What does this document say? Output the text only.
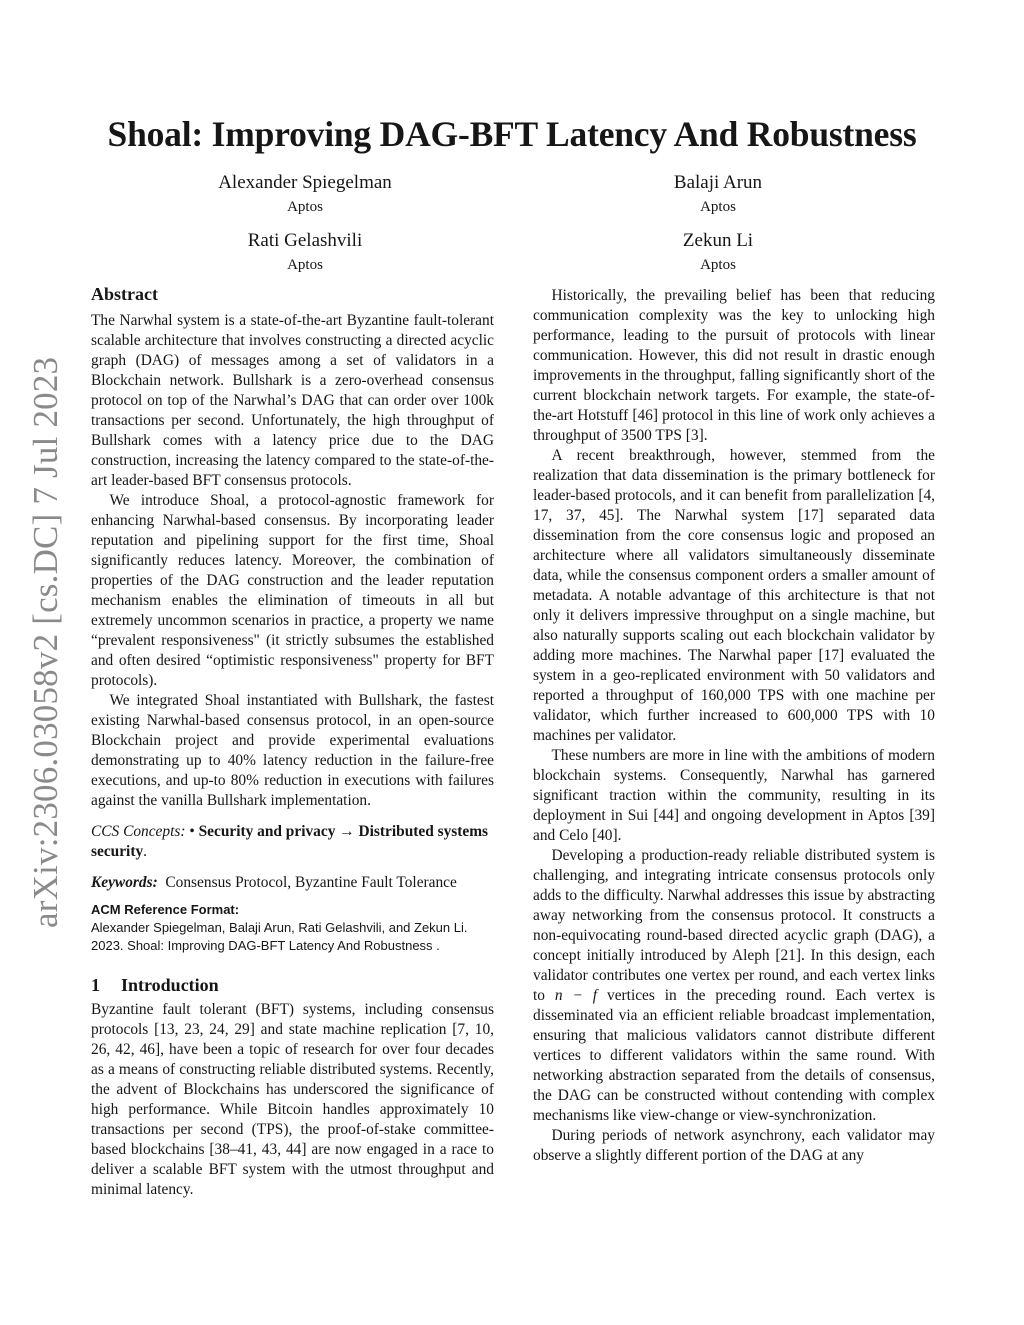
arXiv:2306.03058v2 [cs.DC] 7 Jul 2023
Shoal: Improving DAG-BFT Latency And Robustness
Alexander Spiegelman
Aptos
Balaji Arun
Aptos
Rati Gelashvili
Aptos
Zekun Li
Aptos
Abstract

The Narwhal system is a state-of-the-art Byzantine fault-tolerant scalable architecture that involves constructing a directed acyclic graph (DAG) of messages among a set of validators in a Blockchain network. Bullshark is a zero-overhead consensus protocol on top of the Narwhal’s DAG that can order over 100k transactions per second. Unfortunately, the high throughput of Bullshark comes with a latency price due to the DAG construction, increasing the latency compared to the state-of-the-art leader-based BFT consensus protocols.

We introduce Shoal, a protocol-agnostic framework for enhancing Narwhal-based consensus. By incorporating leader reputation and pipelining support for the first time, Shoal significantly reduces latency. Moreover, the combination of properties of the DAG construction and the leader reputation mechanism enables the elimination of timeouts in all but extremely uncommon scenarios in practice, a property we name “prevalent responsiveness" (it strictly subsumes the established and often desired “optimistic responsiveness" property for BFT protocols).

We integrated Shoal instantiated with Bullshark, the fastest existing Narwhal-based consensus protocol, in an open-source Blockchain project and provide experimental evaluations demonstrating up to 40% latency reduction in the failure-free executions, and up-to 80% reduction in executions with failures against the vanilla Bullshark implementation.

CCS Concepts: • Security and privacy → Distributed systems security.

Keywords: Consensus Protocol, Byzantine Fault Tolerance

ACM Reference Format:

Alexander Spiegelman, Balaji Arun, Rati Gelashvili, and Zekun Li. 2023. Shoal: Improving DAG-BFT Latency And Robustness .

1 Introduction

Byzantine fault tolerant (BFT) systems, including consensus protocols [13, 23, 24, 29] and state machine replication [7, 10, 26, 42, 46], have been a topic of research for over four decades as a means of constructing reliable distributed systems. Recently, the advent of Blockchains has underscored the significance of high performance. While Bitcoin handles approximately 10 transactions per second (TPS), the proof-of-stake committee-based blockchains [38–41, 43, 44] are now engaged in a race to deliver a scalable BFT system with the utmost throughput and minimal latency.

Historically, the prevailing belief has been that reducing communication complexity was the key to unlocking high performance, leading to the pursuit of protocols with linear communication. However, this did not result in drastic enough improvements in the throughput, falling significantly short of the current blockchain network targets. For example, the state-of-the-art Hotstuff [46] protocol in this line of work only achieves a throughput of 3500 TPS [3].

A recent breakthrough, however, stemmed from the realization that data dissemination is the primary bottleneck for leader-based protocols, and it can benefit from parallelization [4, 17, 37, 45]. The Narwhal system [17] separated data dissemination from the core consensus logic and proposed an architecture where all validators simultaneously disseminate data, while the consensus component orders a smaller amount of metadata. A notable advantage of this architecture is that not only it delivers impressive throughput on a single machine, but also naturally supports scaling out each blockchain validator by adding more machines. The Narwhal paper [17] evaluated the system in a geo-replicated environment with 50 validators and reported a throughput of 160,000 TPS with one machine per validator, which further increased to 600,000 TPS with 10 machines per validator.

These numbers are more in line with the ambitions of modern blockchain systems. Consequently, Narwhal has garnered significant traction within the community, resulting in its deployment in Sui [44] and ongoing development in Aptos [39] and Celo [40].

Developing a production-ready reliable distributed system is challenging, and integrating intricate consensus protocols only adds to the difficulty. Narwhal addresses this issue by abstracting away networking from the consensus protocol. It constructs a non-equivocating round-based directed acyclic graph (DAG), a concept initially introduced by Aleph [21]. In this design, each validator contributes one vertex per round, and each vertex links to n − f vertices in the preceding round. Each vertex is disseminated via an efficient reliable broadcast implementation, ensuring that malicious validators cannot distribute different vertices to different validators within the same round. With networking abstraction separated from the details of consensus, the DAG can be constructed without contending with complex mechanisms like view-change or view-synchronization.

During periods of network asynchrony, each validator may observe a slightly different portion of the DAG at any
